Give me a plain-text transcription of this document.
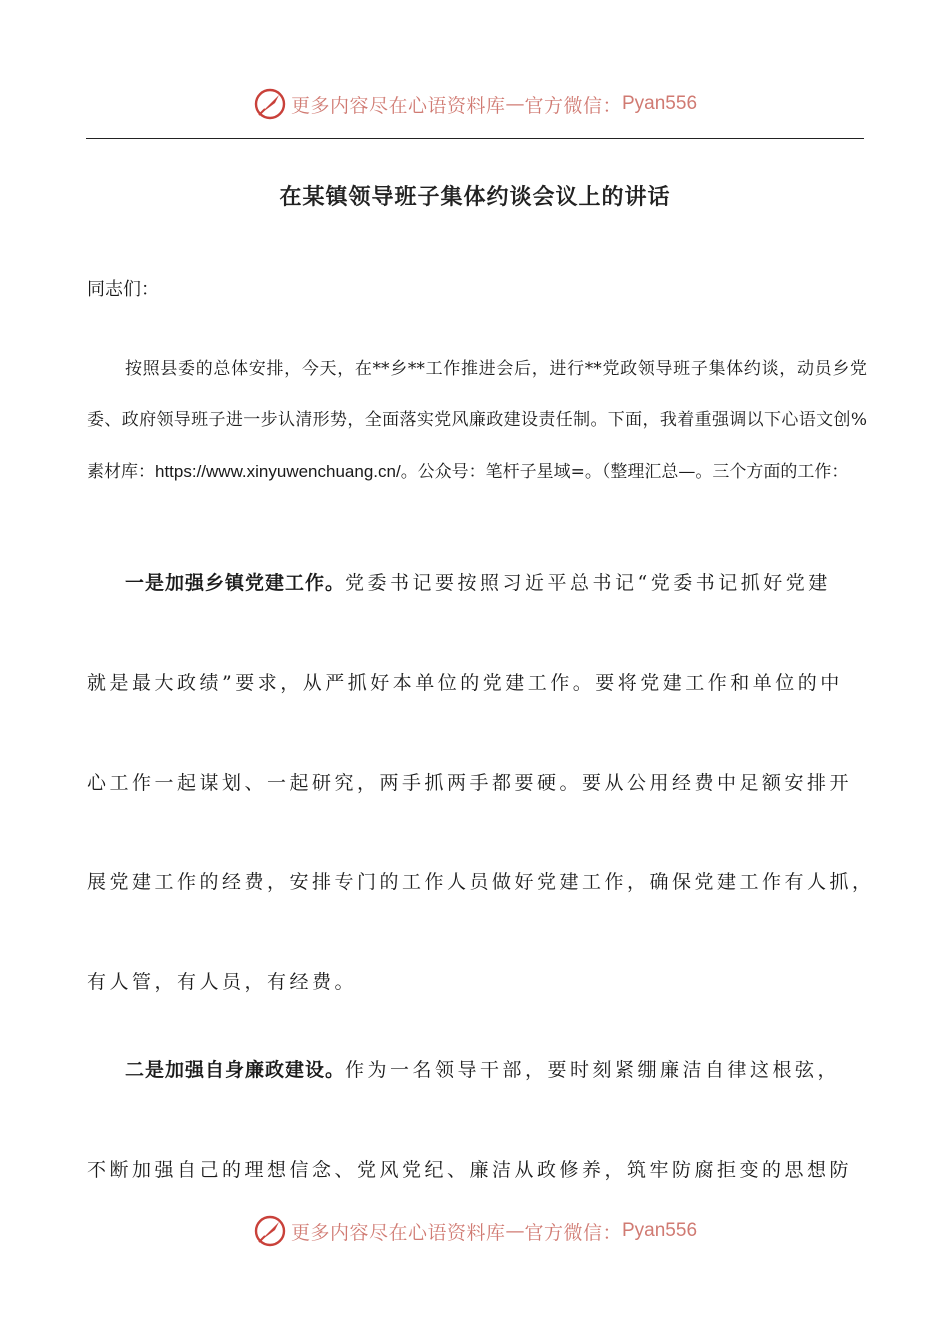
更多内容尽在心语资料库 — 官方微信： Pyan556
在某镇领导班子集体约谈会议上的讲话
同志们：

按照县委的总体安排，今天，在**乡**工作推进会后，进行**党政领导班子集体约谈，动员乡党委、政府领导班子进一步认清形势，全面落实党风廉政建设责任制。下面，我着重强调以下心语文创%素材库：https://www.xinyuwenchuang.cn/。公众号：笔杆子星域=。（整理汇总—。三个方面的工作：

一是加强乡镇党建工作。党委书记要按照习近平总书记“党委书记抓好党建

就是最大政绩”要求，从严抓好本单位的党建工作。要将党建工作和单位的中

心工作一起谋划、一起研究，两手抓两手都要硬。要从公用经费中足额安排开

展党建工作的经费，安排专门的工作人员做好党建工作，确保党建工作有人抓，

有人管，有人员，有经费。

二是加强自身廉政建设。作为一名领导干部，要时刻紧绷廉洁自律这根弦，

不断加强自己的理想信念、党风党纪、廉洁从政修养，筑牢防腐拒变的思想防

更多内容尽在心语资料库 — 官方微信： Pyan556
